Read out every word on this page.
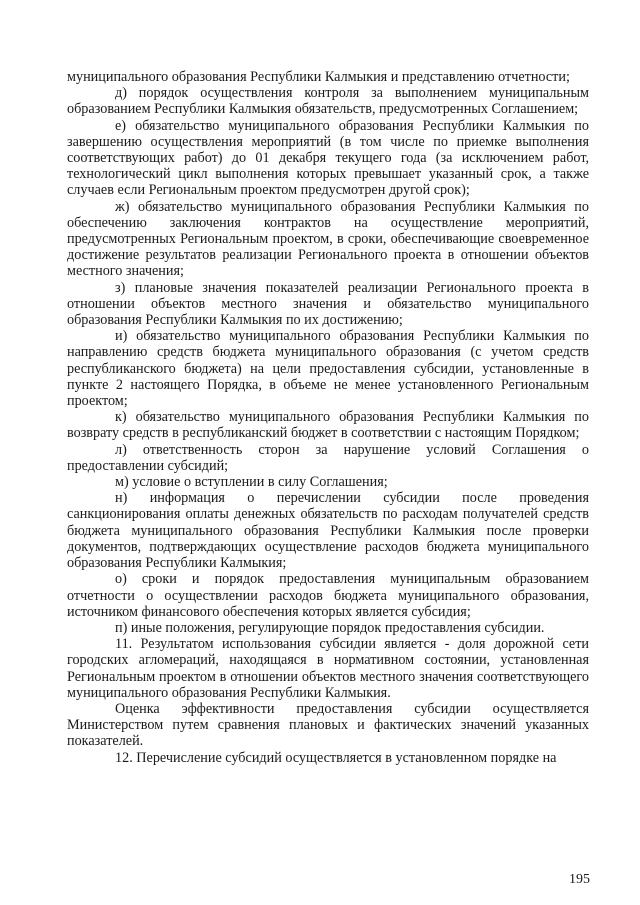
муниципального образования Республики Калмыкия и представлению отчетности;

д) порядок осуществления контроля за выполнением муниципальным образованием Республики Калмыкия обязательств, предусмотренных Соглашением;

е) обязательство муниципального образования Республики Калмыкия по завершению осуществления мероприятий (в том числе по приемке выполнения соответствующих работ) до 01 декабря текущего года (за исключением работ, технологический цикл выполнения которых превышает указанный срок, а также случаев если Региональным проектом предусмотрен другой срок);

ж) обязательство муниципального образования Республики Калмыкия по обеспечению заключения контрактов на осуществление мероприятий, предусмотренных Региональным проектом, в сроки, обеспечивающие своевременное достижение результатов реализации Регионального проекта в отношении объектов местного значения;

з) плановые значения показателей реализации Регионального проекта в отношении объектов местного значения и обязательство муниципального образования Республики Калмыкия по их достижению;

и) обязательство муниципального образования Республики Калмыкия по направлению средств бюджета муниципального образования (с учетом средств республиканского бюджета) на цели предоставления субсидии, установленные в пункте 2 настоящего Порядка, в объеме не менее установленного Региональным проектом;

к) обязательство муниципального образования Республики Калмыкия по возврату средств в республиканский бюджет в соответствии с настоящим Порядком;

л) ответственность сторон за нарушение условий Соглашения о предоставлении субсидий;

м) условие о вступлении в силу Соглашения;

н) информация о перечислении субсидии после проведения санкционирования оплаты денежных обязательств по расходам получателей средств бюджета муниципального образования Республики Калмыкия после проверки документов, подтверждающих осуществление расходов бюджета муниципального образования Республики Калмыкия;

о) сроки и порядок предоставления муниципальным образованием отчетности о осуществлении расходов бюджета муниципального образования, источником финансового обеспечения которых является субсидия;

п) иные положения, регулирующие порядок предоставления субсидии.

11. Результатом использования субсидии является - доля дорожной сети городских агломераций, находящаяся в нормативном состоянии, установленная Региональным проектом в отношении объектов местного значения соответствующего муниципального образования Республики Калмыкия.

Оценка эффективности предоставления субсидии осуществляется Министерством путем сравнения плановых и фактических значений указанных показателей.

12. Перечисление субсидий осуществляется в установленном порядке на

195
